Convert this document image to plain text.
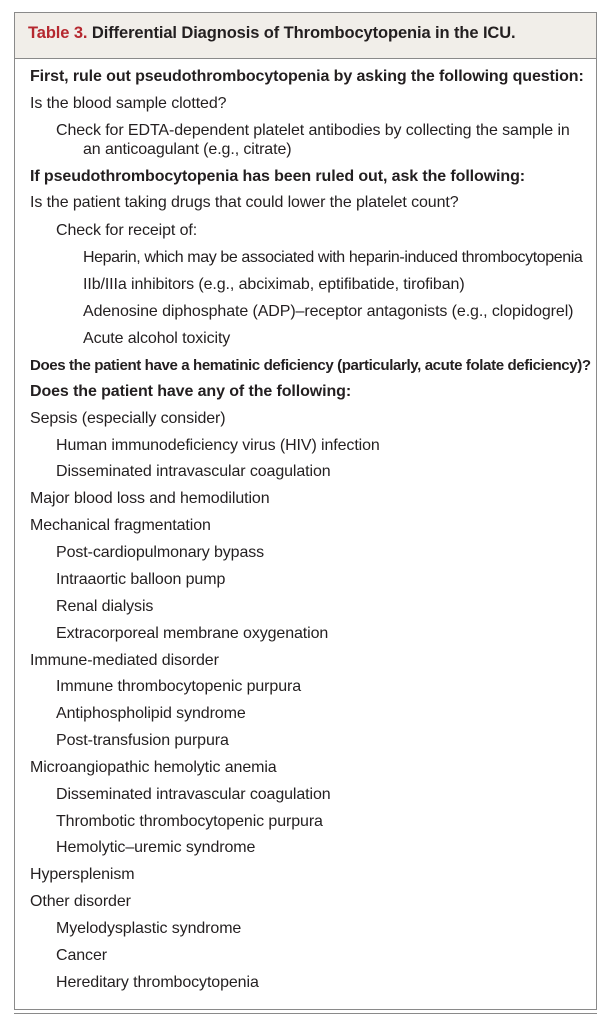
Table 3. Differential Diagnosis of Thrombocytopenia in the ICU.
First, rule out pseudothrombocytopenia by asking the following question:
Is the blood sample clotted?
Check for EDTA-dependent platelet antibodies by collecting the sample in
an anticoagulant (e.g., citrate)
If pseudothrombocytopenia has been ruled out, ask the following:
Is the patient taking drugs that could lower the platelet count?
Check for receipt of:
Heparin, which may be associated with heparin-induced thrombocytopenia
IIb/IIIa inhibitors (e.g., abciximab, eptifibatide, tirofiban)
Adenosine diphosphate (ADP)–receptor antagonists (e.g., clopidogrel)
Acute alcohol toxicity
Does the patient have a hematinic deficiency (particularly, acute folate deficiency)?
Does the patient have any of the following:
Sepsis (especially consider)
Human immunodeficiency virus (HIV) infection
Disseminated intravascular coagulation
Major blood loss and hemodilution
Mechanical fragmentation
Post-cardiopulmonary bypass
Intraaortic balloon pump
Renal dialysis
Extracorporeal membrane oxygenation
Immune-mediated disorder
Immune thrombocytopenic purpura
Antiphospholipid syndrome
Post-transfusion purpura
Microangiopathic hemolytic anemia
Disseminated intravascular coagulation
Thrombotic thrombocytopenic purpura
Hemolytic–uremic syndrome
Hypersplenism
Other disorder
Myelodysplastic syndrome
Cancer
Hereditary thrombocytopenia
